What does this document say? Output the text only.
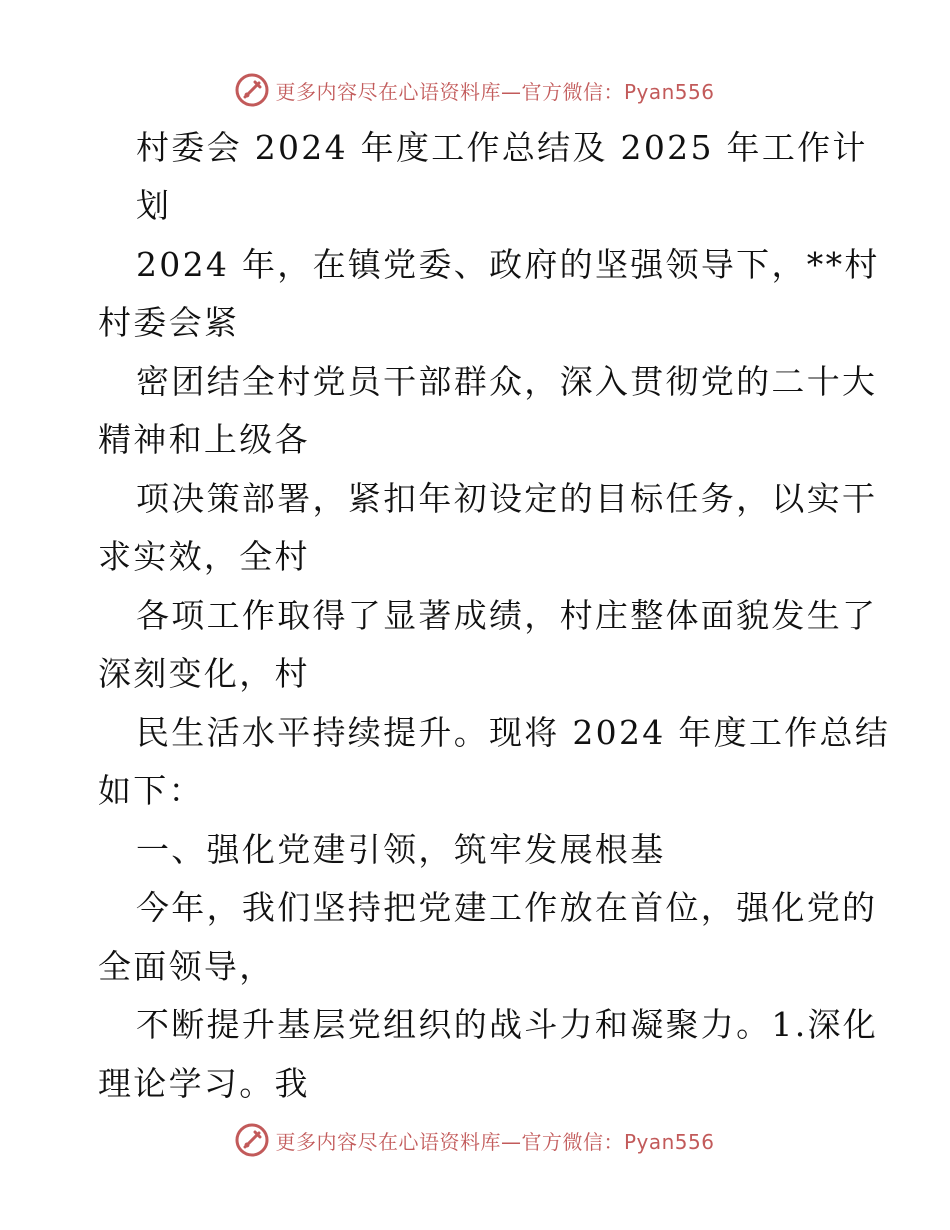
更多内容尽在心语资料库—官方微信：Pyan556
村委会 2024 年度工作总结及 2025 年工作计
划
2024 年，在镇党委、政府的坚强领导下，**村
村委会紧
密团结全村党员干部群众，深入贯彻党的二十大
精神和上级各
项决策部署，紧扣年初设定的目标任务，以实干
求实效，全村
各项工作取得了显著成绩，村庄整体面貌发生了
深刻变化，村
民生活水平持续提升。现将 2024 年度工作总结
如下：
一、强化党建引领，筑牢发展根基
今年，我们坚持把党建工作放在首位，强化党的
全面领导，
不断提升基层党组织的战斗力和凝聚力。1.深化
理论学习。我
更多内容尽在心语资料库—官方微信：Pyan556
